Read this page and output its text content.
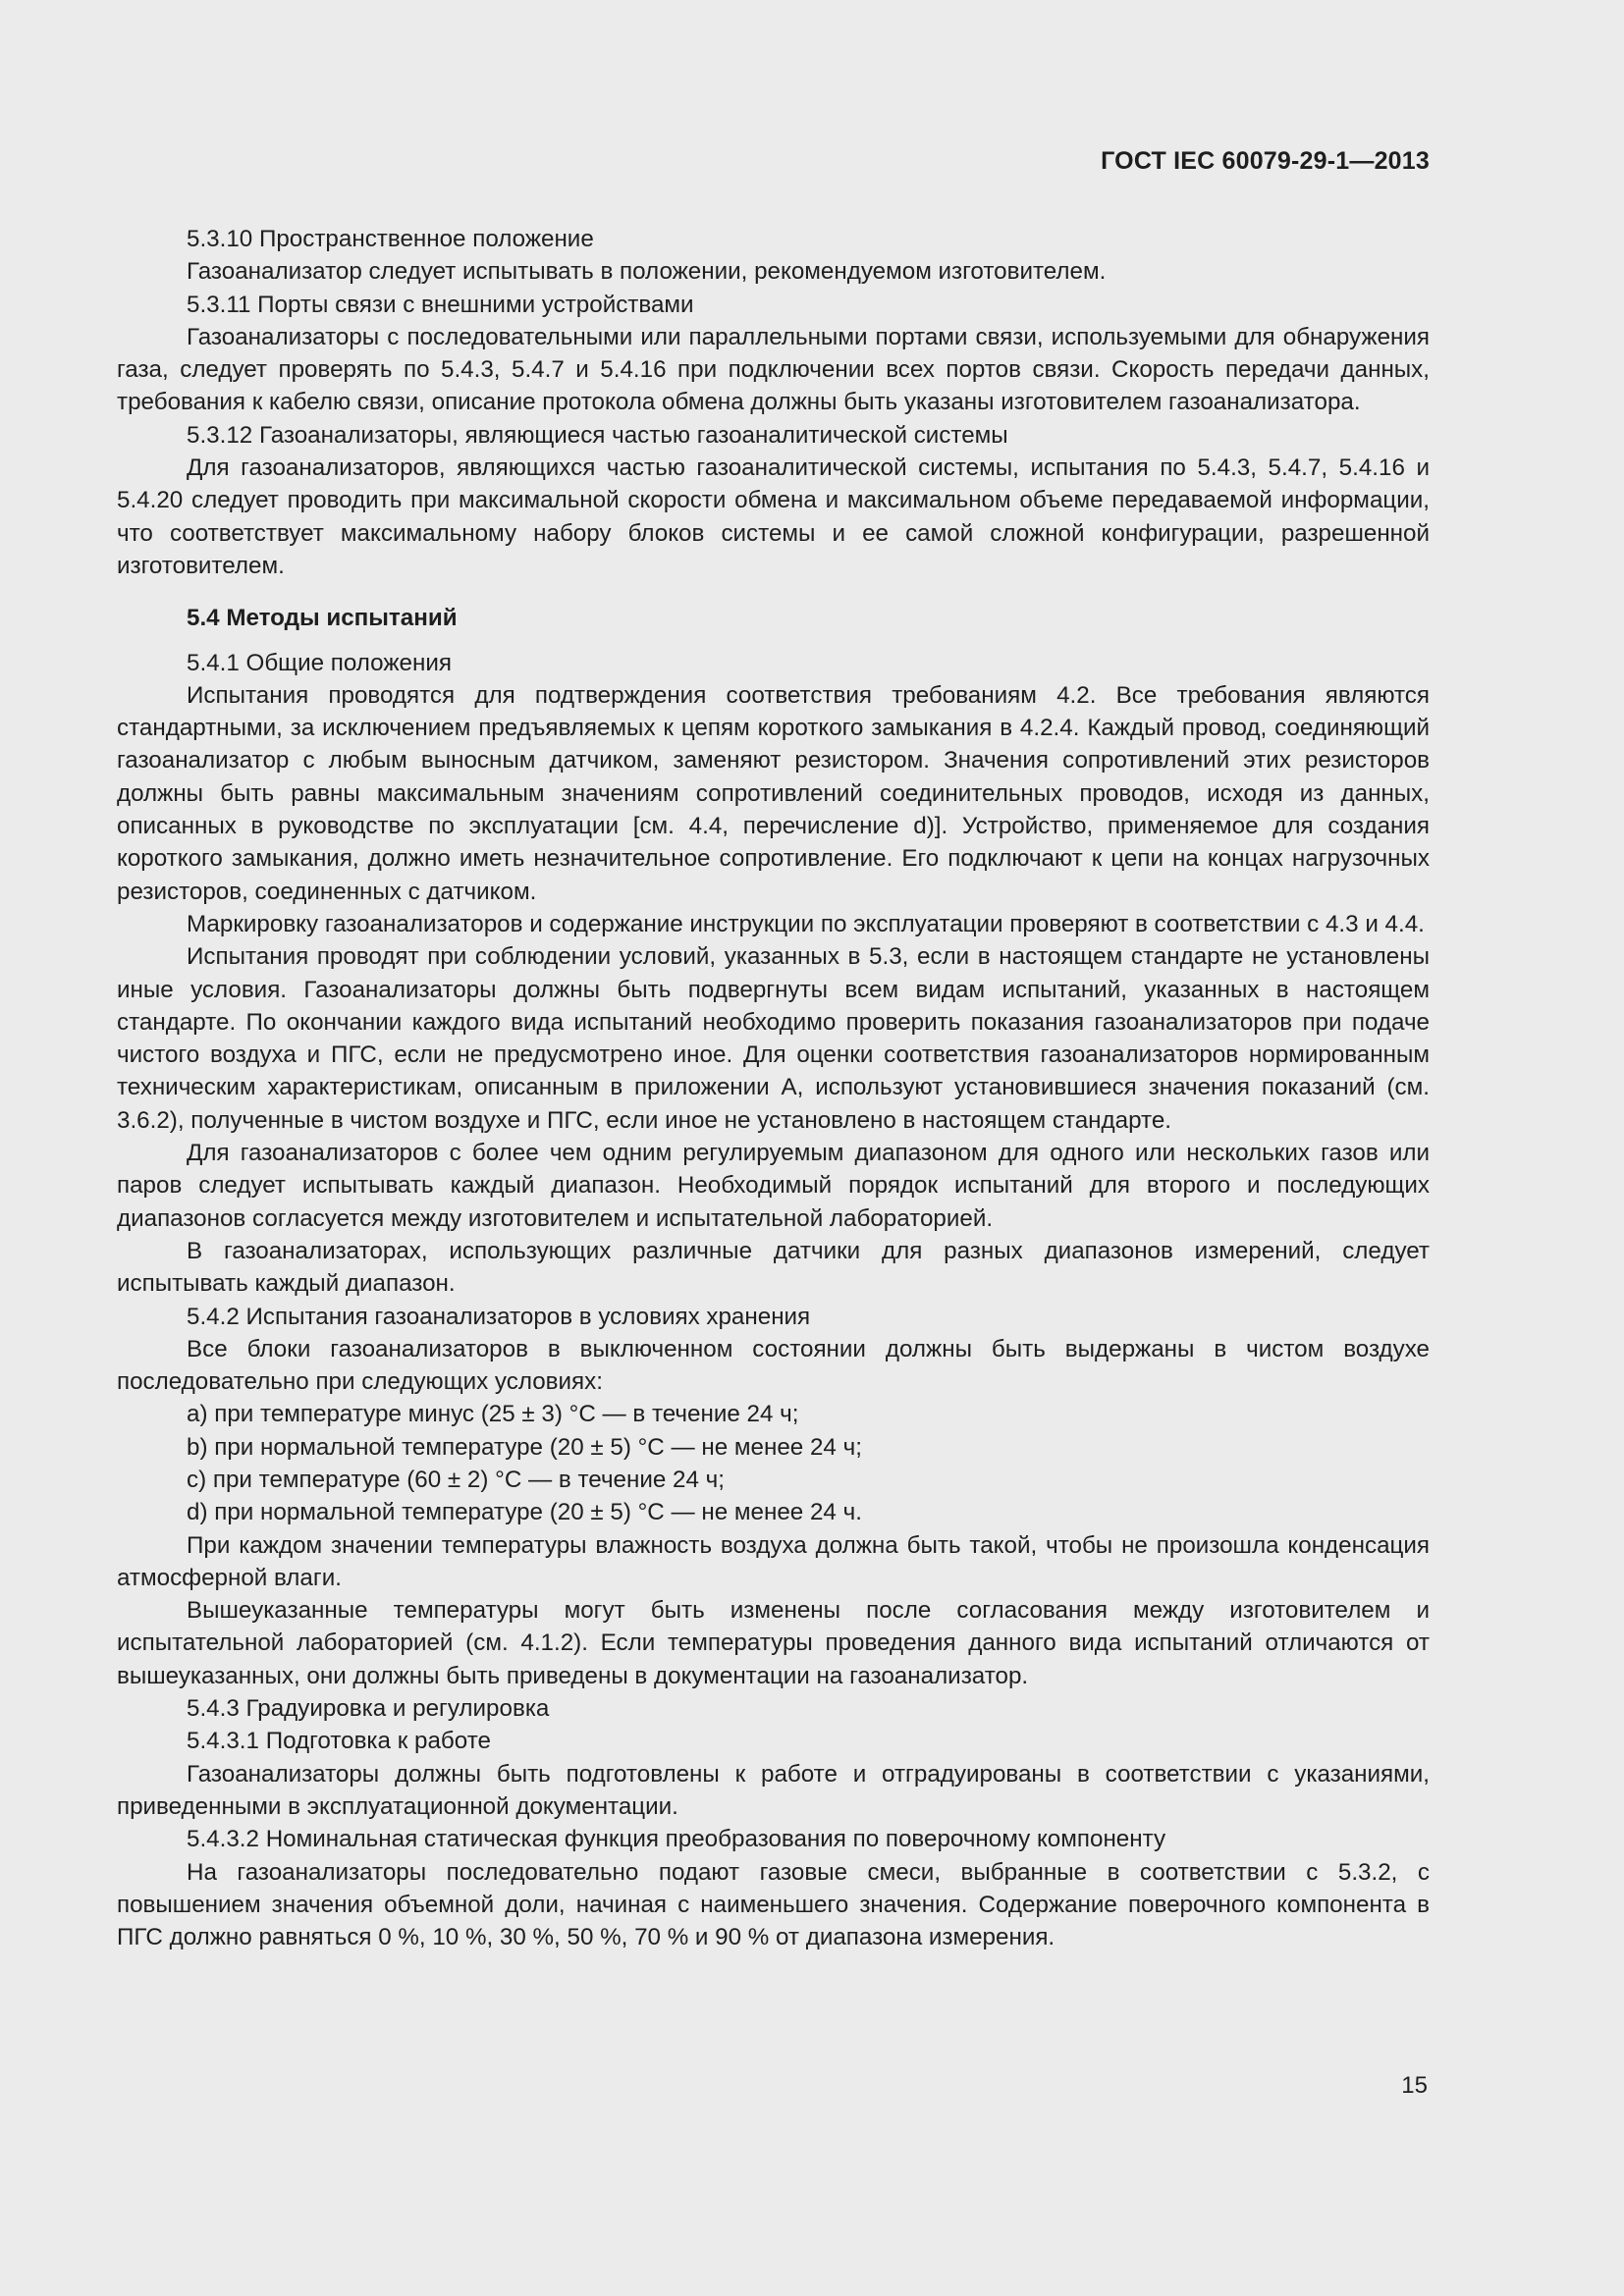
ГОСТ IEC 60079-29-1—2013

5.3.10 Пространственное положение

Газоанализатор следует испытывать в положении, рекомендуемом изготовителем.

5.3.11 Порты связи с внешними устройствами

Газоанализаторы с последовательными или параллельными портами связи, используемыми для обнаружения газа, следует проверять по 5.4.3, 5.4.7 и 5.4.16 при подключении всех портов связи. Скорость передачи данных, требования к кабелю связи, описание протокола обмена должны быть указаны изготовителем газоанализатора.

5.3.12 Газоанализаторы, являющиеся частью газоаналитической системы

Для газоанализаторов, являющихся частью газоаналитической системы, испытания по 5.4.3, 5.4.7, 5.4.16 и 5.4.20 следует проводить при максимальной скорости обмена и максимальном объеме передаваемой информации, что соответствует максимальному набору блоков системы и ее самой сложной конфигурации, разрешенной изготовителем.

5.4 Методы испытаний

5.4.1 Общие положения

Испытания проводятся для подтверждения соответствия требованиям 4.2. Все требования являются стандартными, за исключением предъявляемых к цепям короткого замыкания в 4.2.4. Каждый провод, соединяющий газоанализатор с любым выносным датчиком, заменяют резистором. Значения сопротивлений этих резисторов должны быть равны максимальным значениям сопротивлений соединительных проводов, исходя из данных, описанных в руководстве по эксплуатации [см. 4.4, перечисление d)]. Устройство, применяемое для создания короткого замыкания, должно иметь незначительное сопротивление. Его подключают к цепи на концах нагрузочных резисторов, соединенных с датчиком.

Маркировку газоанализаторов и содержание инструкции по эксплуатации проверяют в соответствии с 4.3 и 4.4.

Испытания проводят при соблюдении условий, указанных в 5.3, если в настоящем стандарте не установлены иные условия. Газоанализаторы должны быть подвергнуты всем видам испытаний, указанных в настоящем стандарте. По окончании каждого вида испытаний необходимо проверить показания газоанализаторов при подаче чистого воздуха и ПГС, если не предусмотрено иное. Для оценки соответствия газоанализаторов нормированным техническим характеристикам, описанным в приложении А, используют установившиеся значения показаний (см. 3.6.2), полученные в чистом воздухе и ПГС, если иное не установлено в настоящем стандарте.

Для газоанализаторов с более чем одним регулируемым диапазоном для одного или нескольких газов или паров следует испытывать каждый диапазон. Необходимый порядок испытаний для второго и последующих диапазонов согласуется между изготовителем и испытательной лабораторией.

В газоанализаторах, использующих различные датчики для разных диапазонов измерений, следует испытывать каждый диапазон.

5.4.2 Испытания газоанализаторов в условиях хранения

Все блоки газоанализаторов в выключенном состоянии должны быть выдержаны в чистом воздухе последовательно при следующих условиях:

a) при температуре минус (25 ± 3) °С — в течение 24 ч;

b) при нормальной температуре (20 ± 5) °С — не менее 24 ч;

c) при температуре (60 ± 2) °С — в течение 24 ч;

d) при нормальной температуре (20 ± 5) °С — не менее 24 ч.

При каждом значении температуры влажность воздуха должна быть такой, чтобы не произошла конденсация атмосферной влаги.

Вышеуказанные температуры могут быть изменены после согласования между изготовителем и испытательной лабораторией (см. 4.1.2). Если температуры проведения данного вида испытаний отличаются от вышеуказанных, они должны быть приведены в документации на газоанализатор.

5.4.3 Градуировка и регулировка

5.4.3.1 Подготовка к работе

Газоанализаторы должны быть подготовлены к работе и отградуированы в соответствии с указаниями, приведенными в эксплуатационной документации.

5.4.3.2 Номинальная статическая функция преобразования по поверочному компоненту

На газоанализаторы последовательно подают газовые смеси, выбранные в соответствии с 5.3.2, с повышением значения объемной доли, начиная с наименьшего значения. Содержание поверочного компонента в ПГС должно равняться 0 %, 10 %, 30 %, 50 %, 70 % и 90 % от диапазона измерения.

15
